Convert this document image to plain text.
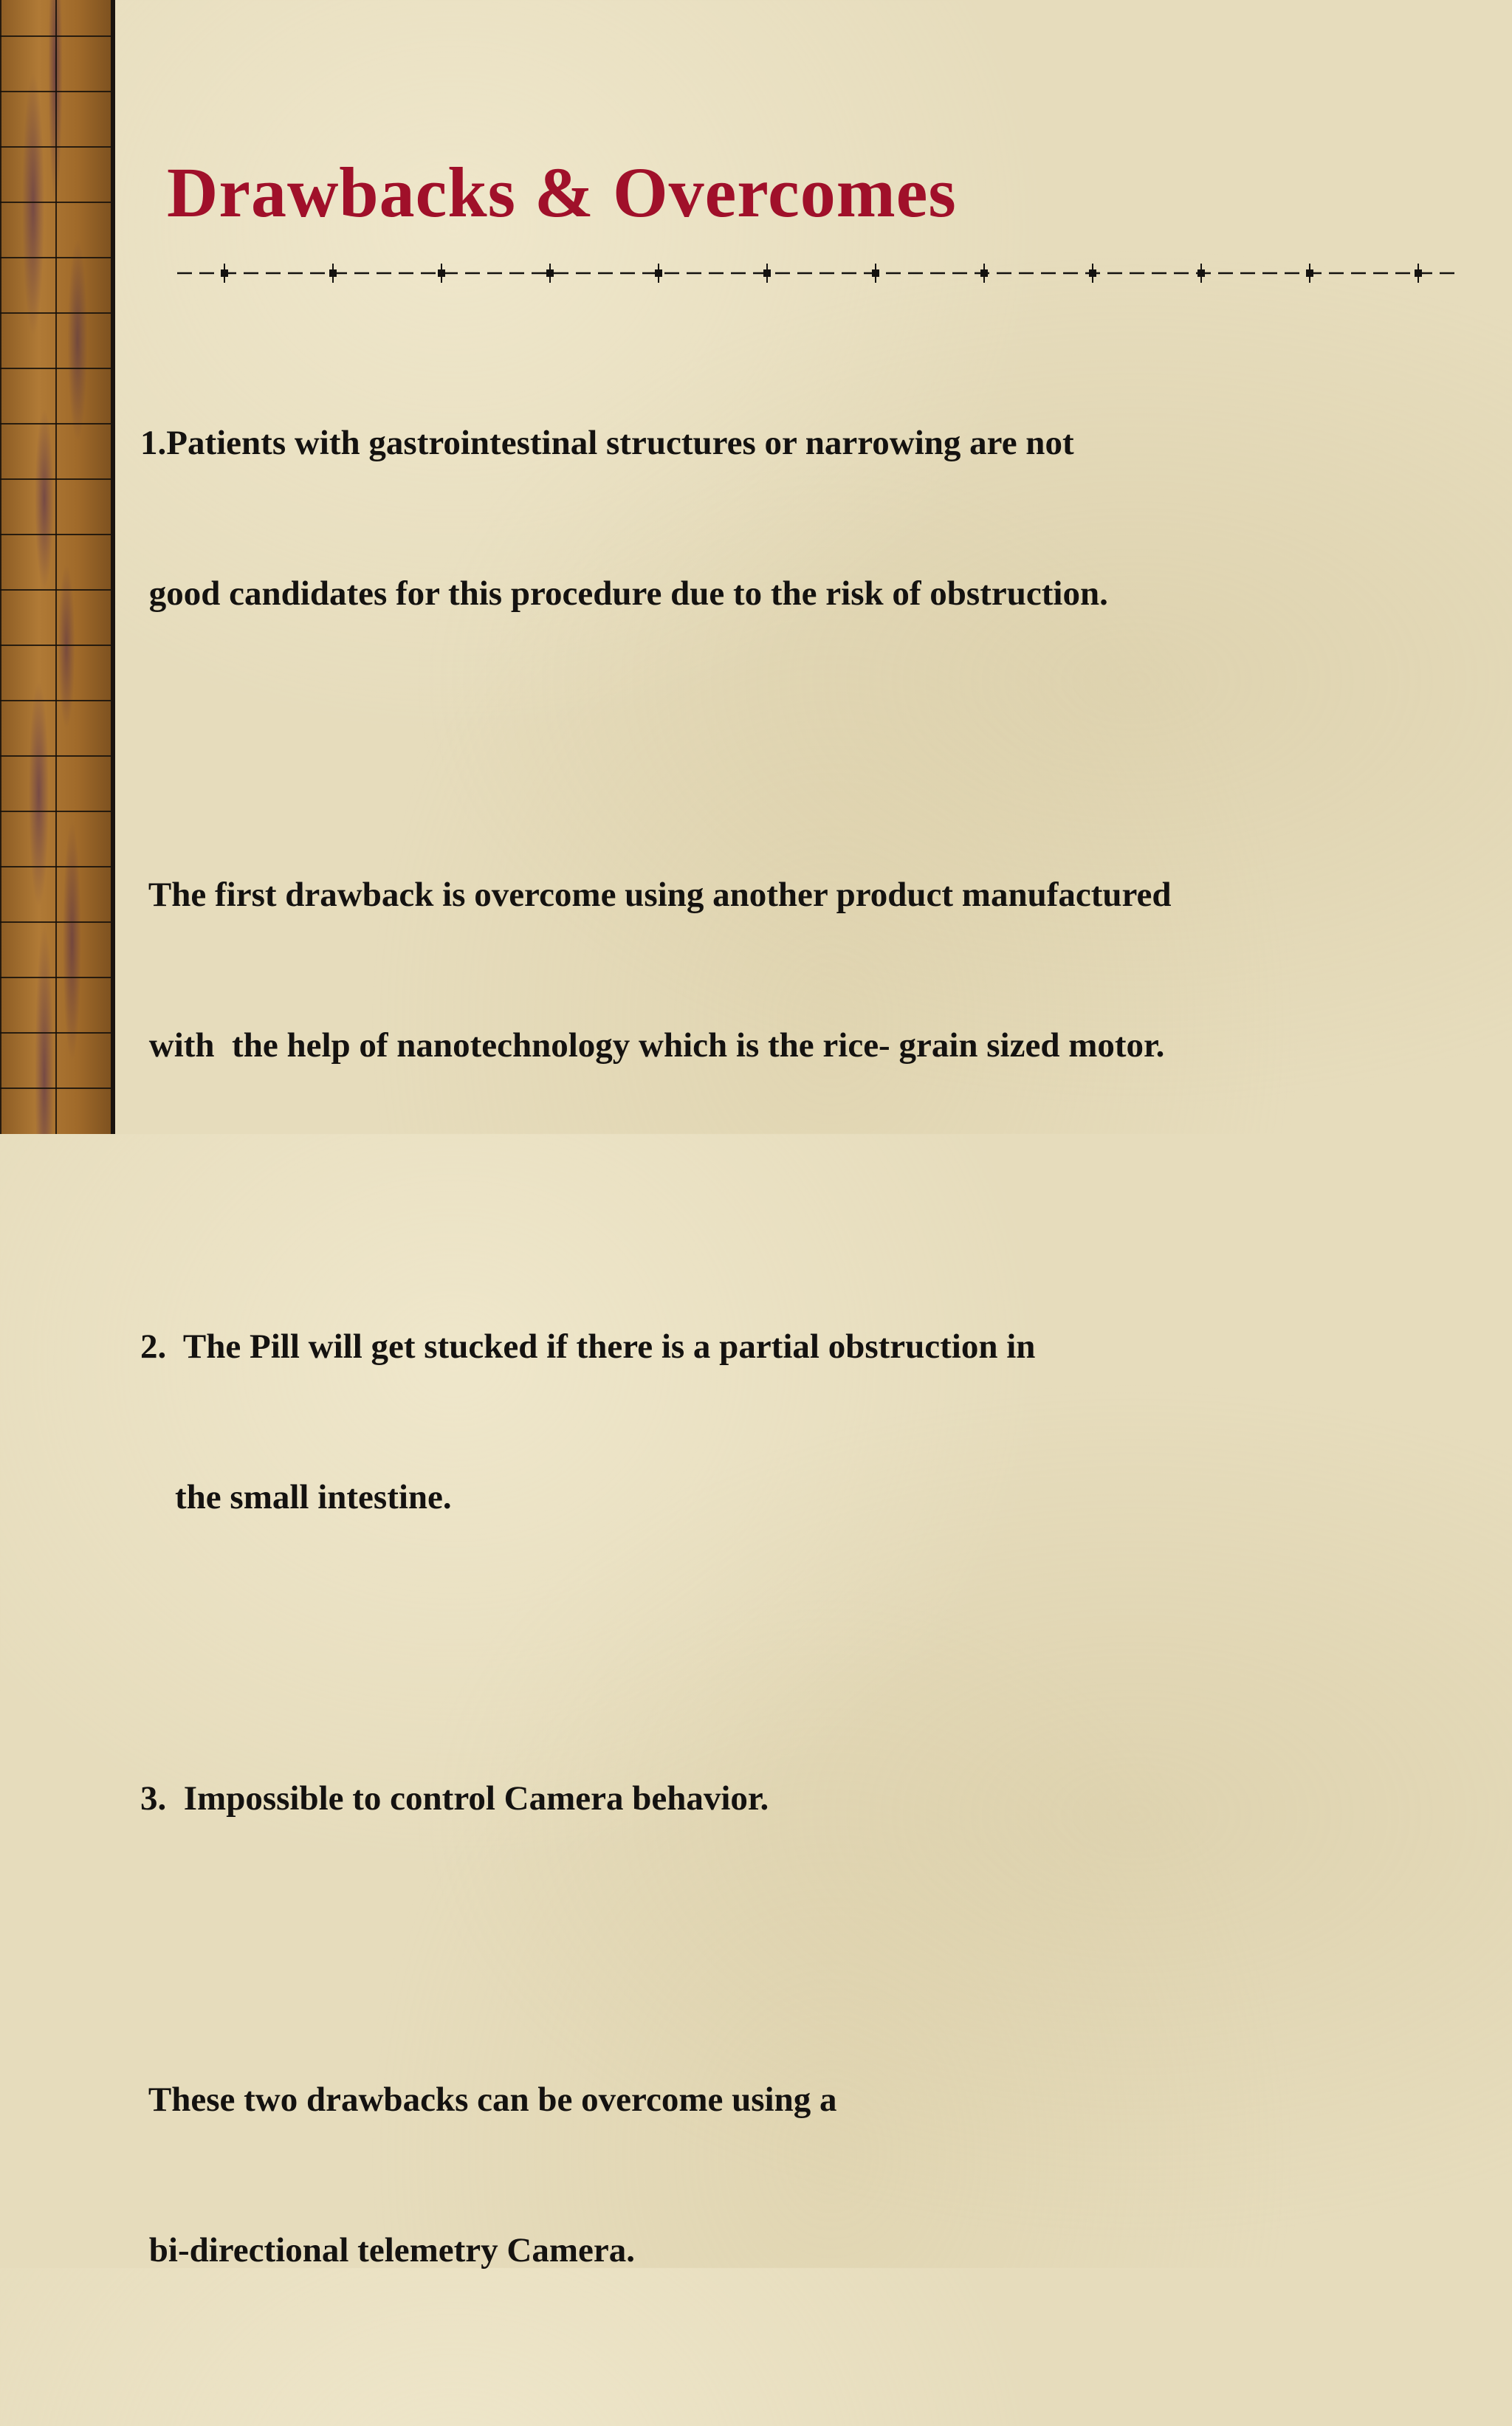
Drawbacks & Overcomes

1.Patients with gastrointestinal structures or narrowing are not

good candidates for this procedure due to the risk of obstruction.

The first drawback is overcome using another product manufactured

with  the help of nanotechnology which is the rice- grain sized motor.

2.  The Pill will get stucked if there is a partial obstruction in

the small intestine.

3.  Impossible to control Camera behavior.

These two drawbacks can be overcome using a

bi-directional telemetry Camera.
